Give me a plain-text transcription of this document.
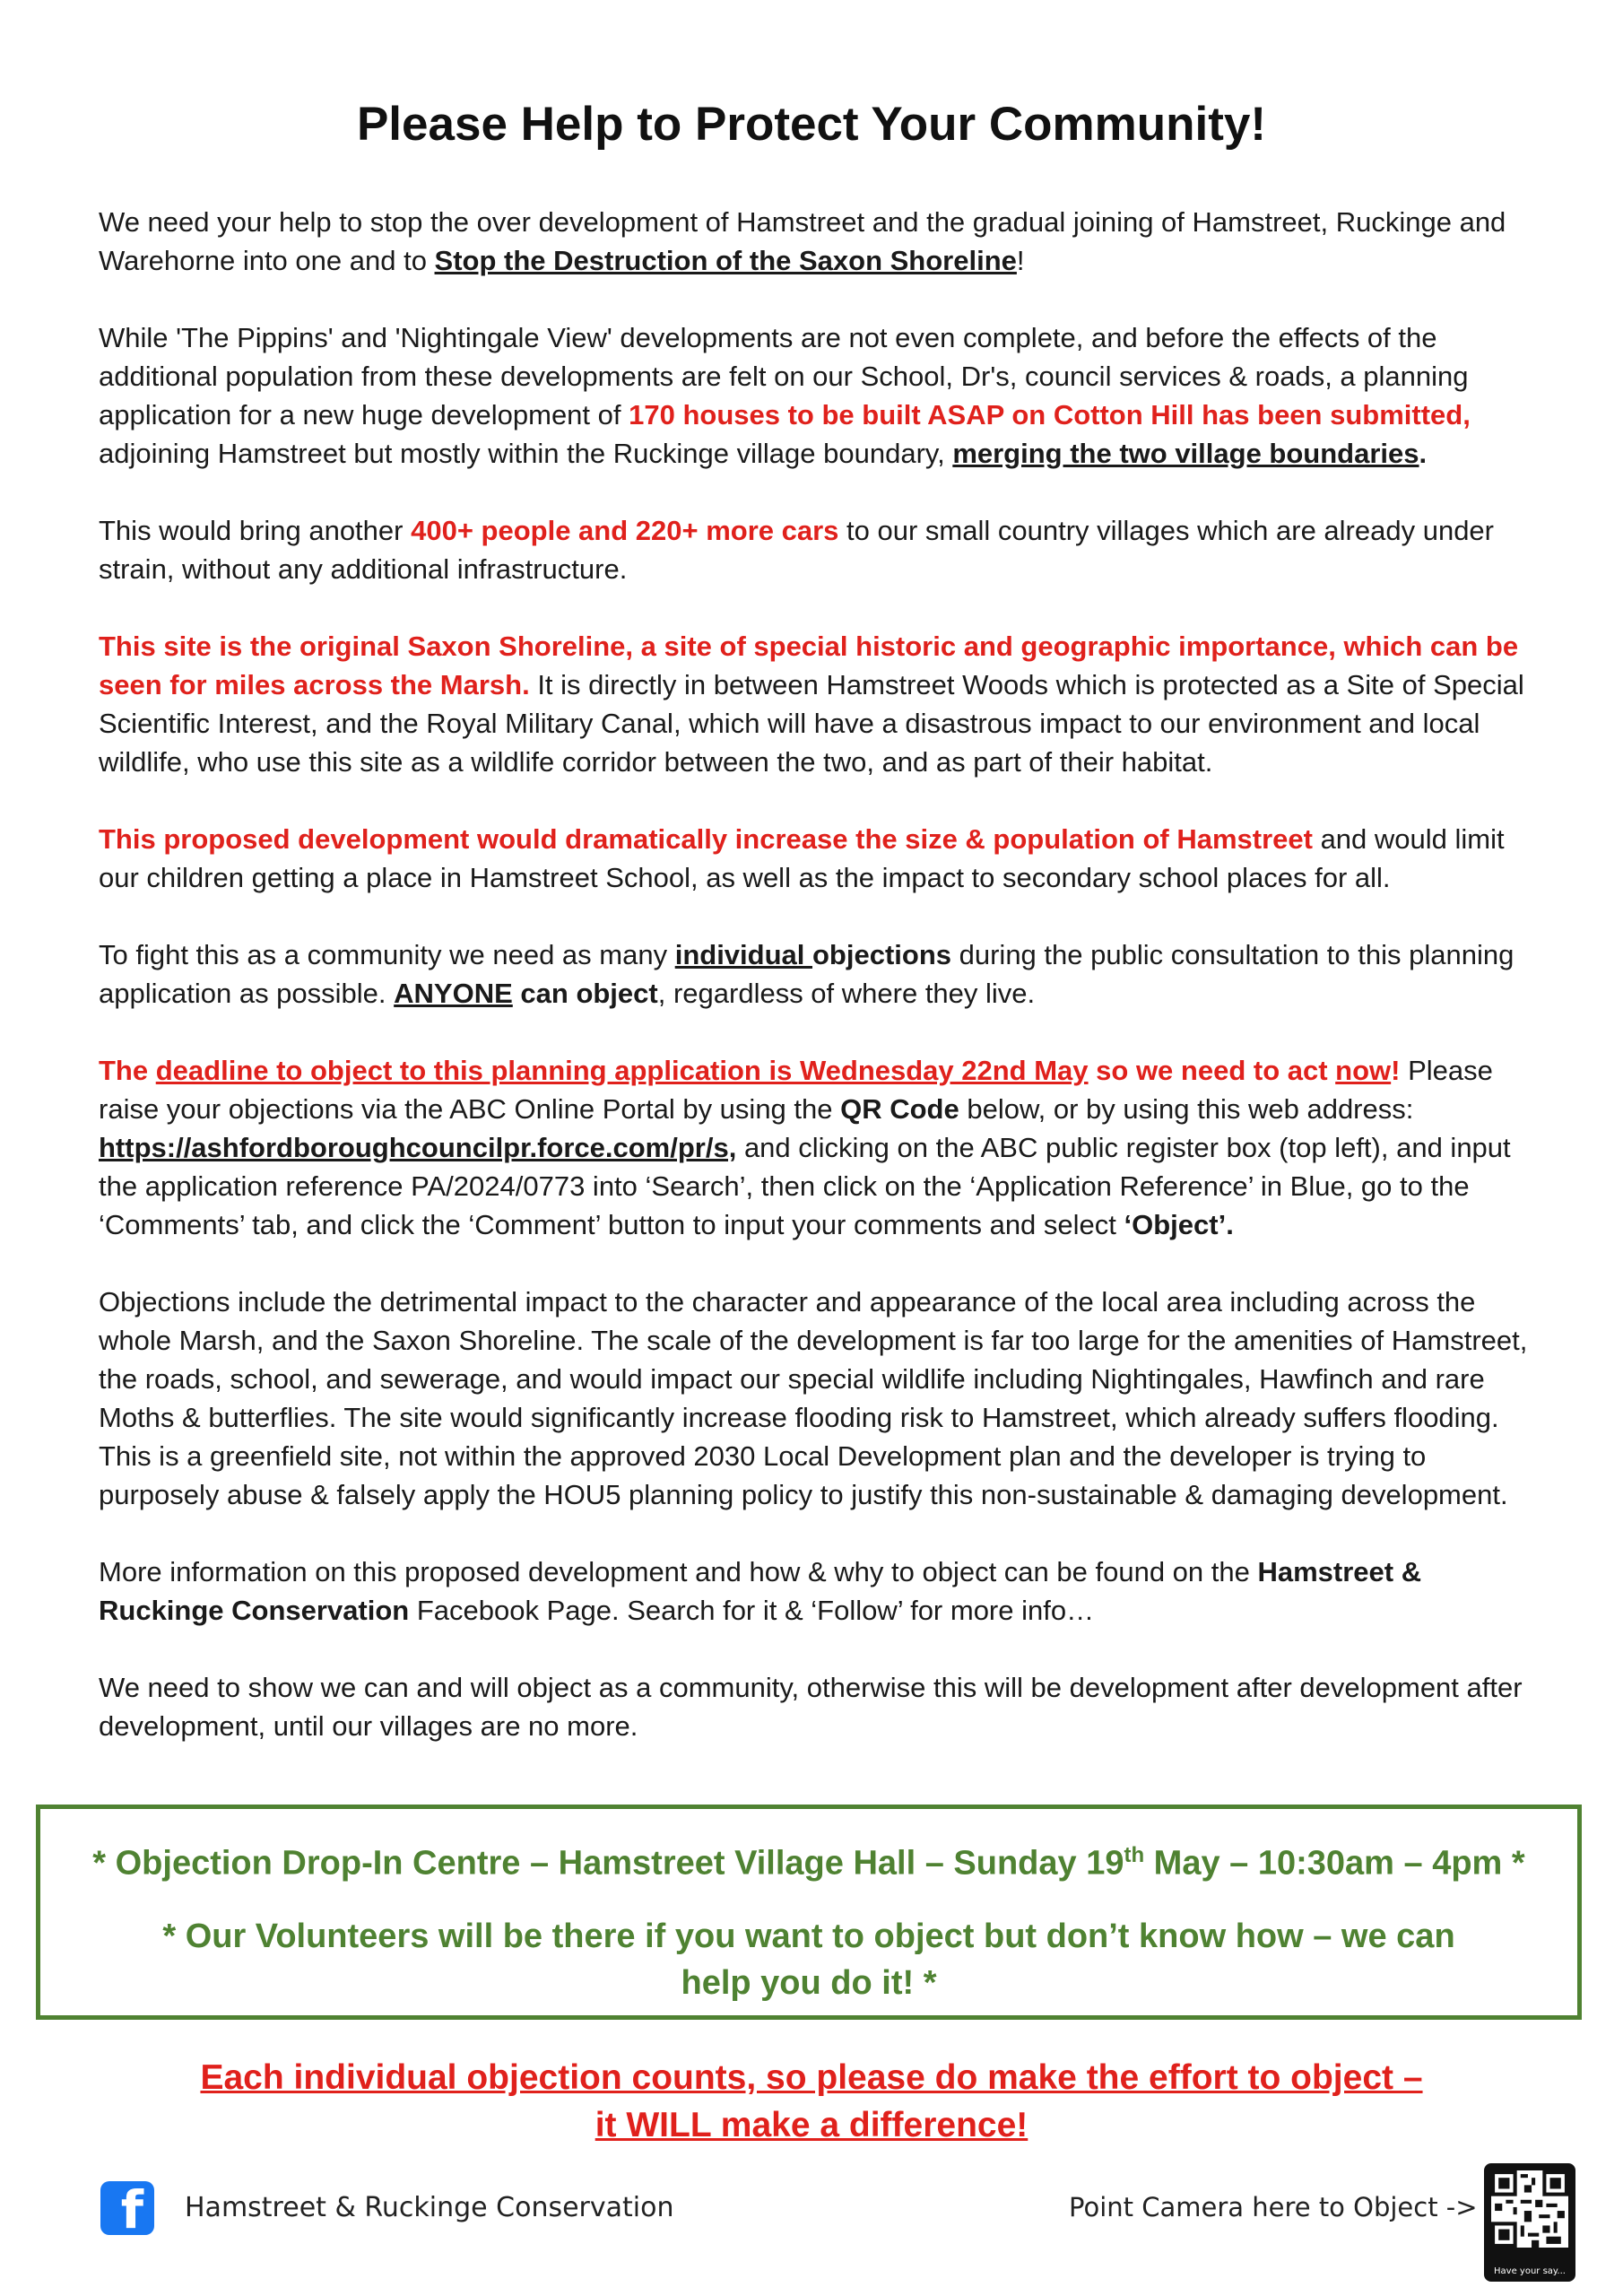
Please Help to Protect Your Community!

We need your help to stop the over development of Hamstreet and the gradual joining of Hamstreet, Ruckinge and Warehorne into one and to Stop the Destruction of the Saxon Shoreline!

While 'The Pippins' and 'Nightingale View' developments are not even complete, and before the effects of the additional population from these developments are felt on our School, Dr's, council services & roads, a planning application for a new huge development of 170 houses to be built ASAP on Cotton Hill has been submitted, adjoining Hamstreet but mostly within the Ruckinge village boundary, merging the two village boundaries.

This would bring another 400+ people and 220+ more cars to our small country villages which are already under strain, without any additional infrastructure.

This site is the original Saxon Shoreline, a site of special historic and geographic importance, which can be seen for miles across the Marsh. It is directly in between Hamstreet Woods which is protected as a Site of Special Scientific Interest, and the Royal Military Canal, which will have a disastrous impact to our environment and local wildlife, who use this site as a wildlife corridor between the two, and as part of their habitat.

This proposed development would dramatically increase the size & population of Hamstreet and would limit our children getting a place in Hamstreet School, as well as the impact to secondary school places for all.

To fight this as a community we need as many individual objections during the public consultation to this planning application as possible. ANYONE can object, regardless of where they live.

The deadline to object to this planning application is Wednesday 22nd May so we need to act now! Please raise your objections via the ABC Online Portal by using the QR Code below, or by using this web address: https://ashfordboroughcouncilpr.force.com/pr/s, and clicking on the ABC public register box (top left), and input the application reference PA/2024/0773 into ‘Search’, then click on the ‘Application Reference’ in Blue, go to the ‘Comments’ tab, and click the ‘Comment’ button to input your comments and select ‘Object’.

Objections include the detrimental impact to the character and appearance of the local area including across the whole Marsh, and the Saxon Shoreline. The scale of the development is far too large for the amenities of Hamstreet, the roads, school, and sewerage, and would impact our special wildlife including Nightingales, Hawfinch and rare Moths & butterflies. The site would significantly increase flooding risk to Hamstreet, which already suffers flooding. This is a greenfield site, not within the approved 2030 Local Development plan and the developer is trying to purposely abuse & falsely apply the HOU5 planning policy to justify this non-sustainable & damaging development.

More information on this proposed development and how & why to object can be found on the Hamstreet & Ruckinge Conservation Facebook Page. Search for it & ‘Follow’ for more info…

We need to show we can and will object as a community, otherwise this will be development after development after development, until our villages are no more.

* Objection Drop-In Centre – Hamstreet Village Hall – Sunday 19th May – 10:30am – 4pm *
* Our Volunteers will be there if you want to object but don’t know how – we can help you do it! *
Each individual objection counts, so please do make the effort to object –
it WILL make a difference!
f Hamstreet & Ruckinge Conservation	Point Camera here to Object ->
Have your say...
